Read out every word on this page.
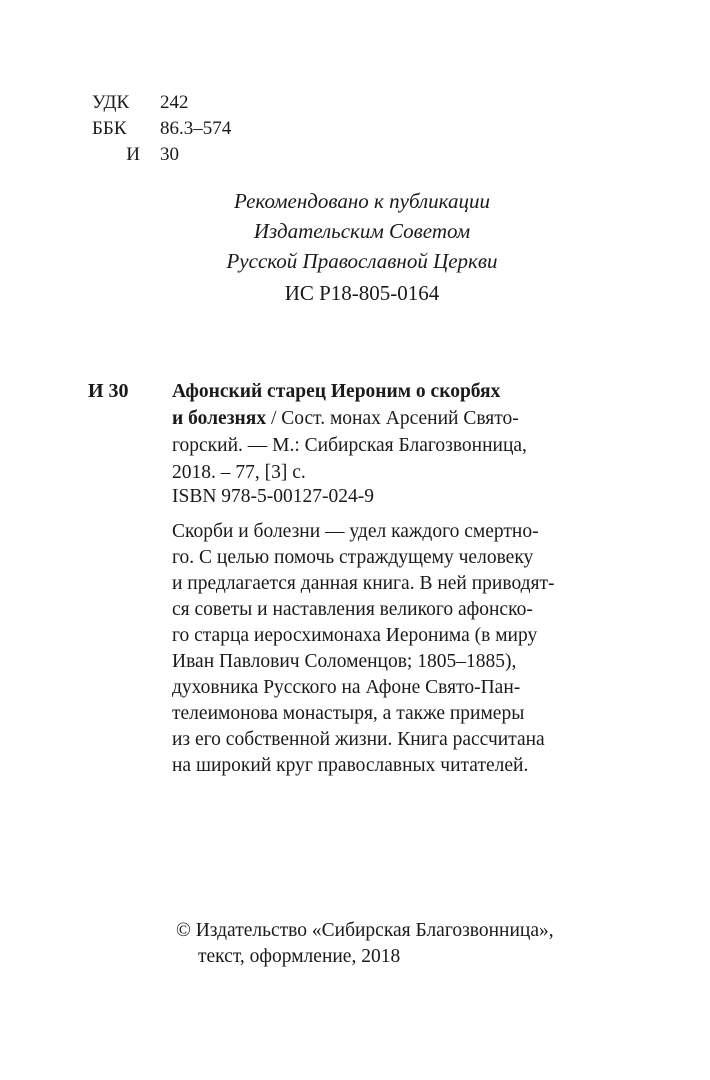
УДК	242
ББК	86.3–574
И 30
Рекомендовано к публикации
Издательским Советом
Русской Православной Церкви
ИС Р18-805-0164
И 30 Афонский старец Иероним о скорбях
и болезнях / Сост. монах Арсений Свято-
горский. — М.: Сибирская Благозвонница,
2018. – 77, [3] с.
ISBN 978-5-00127-024-9
Скорби и болезни — удел каждого смертно-
го. С целью помочь страждущему человеку
и предлагается данная книга. В ней приводят-
ся советы и наставления великого афонско-
го старца иеросхимонаха Иеронима (в миру
Иван Павлович Соломенцов; 1805–1885),
духовника Русского на Афоне Свято-Пан-
телеимонова монастыря, а также примеры
из его собственной жизни. Книга рассчитана
на широкий круг православных читателей.
© Издательство «Сибирская Благозвонница»,
текст, оформление, 2018
